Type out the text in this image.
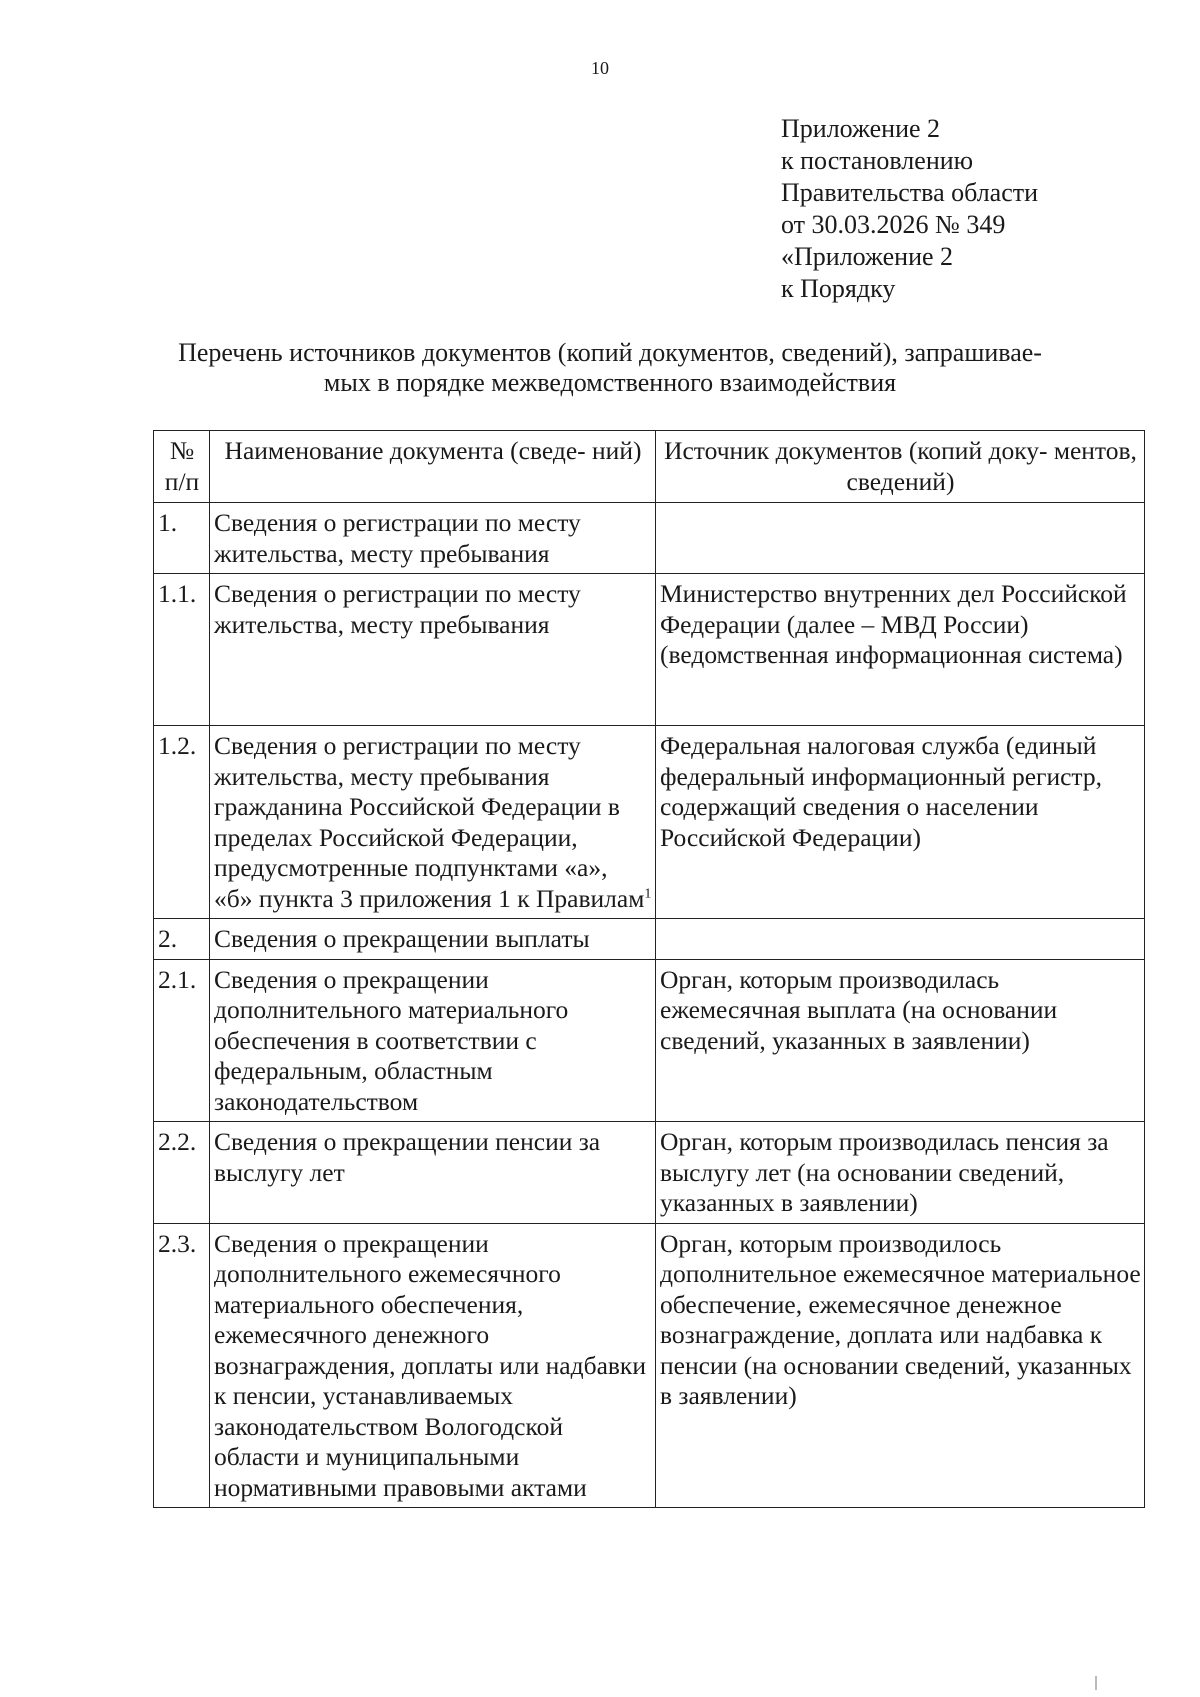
10
Приложение 2
к постановлению
Правительства области
от 30.03.2026 № 349
«Приложение 2
к Порядку
Перечень источников документов (копий документов, сведений), запрашивае-
мых в порядке межведомственного взаимодействия
№
п/п	Наименование документа (сведе- ний)	Источник документов (копий доку- ментов, сведений)
1.	Сведения о регистрации по месту жительства, месту пребывания	
1.1.	Сведения о регистрации по месту жительства, месту пребывания	Министерство внутренних дел Российской Федерации (далее – МВД России) (ведомственная информационная система)
1.2.	Сведения о регистрации по месту жительства, месту пребывания гражданина Российской Федерации в пределах Российской Федерации, предусмотренные подпунктами «а», «б» пункта 3 приложения 1 к Правилам$^1$	Федеральная налоговая служба (единый федеральный информационный регистр, содержащий сведения о населении Российской Федерации)
2.	Сведения о прекращении выплаты	
2.1.	Сведения о прекращении дополнительного материального обеспечения в соответствии с федеральным, областным законодательством	Орган, которым производилась ежемесячная выплата (на основании сведений, указанных в заявлении)
2.2.	Сведения о прекращении пенсии за выслугу лет	Орган, которым производилась пенсия за выслугу лет (на основании сведений, указанных в заявлении)
2.3.	Сведения о прекращении дополнительного ежемесячного материального обеспечения, ежемесячного денежного вознаграждения, доплаты или надбавки к пенсии, устанавливаемых законодательством Вологодской области и муниципальными нормативными правовыми актами	Орган, которым производилось дополнительное ежемесячное материальное обеспечение, ежемесячное денежное вознаграждение, доплата или надбавка к пенсии (на основании сведений, указанных в заявлении)
